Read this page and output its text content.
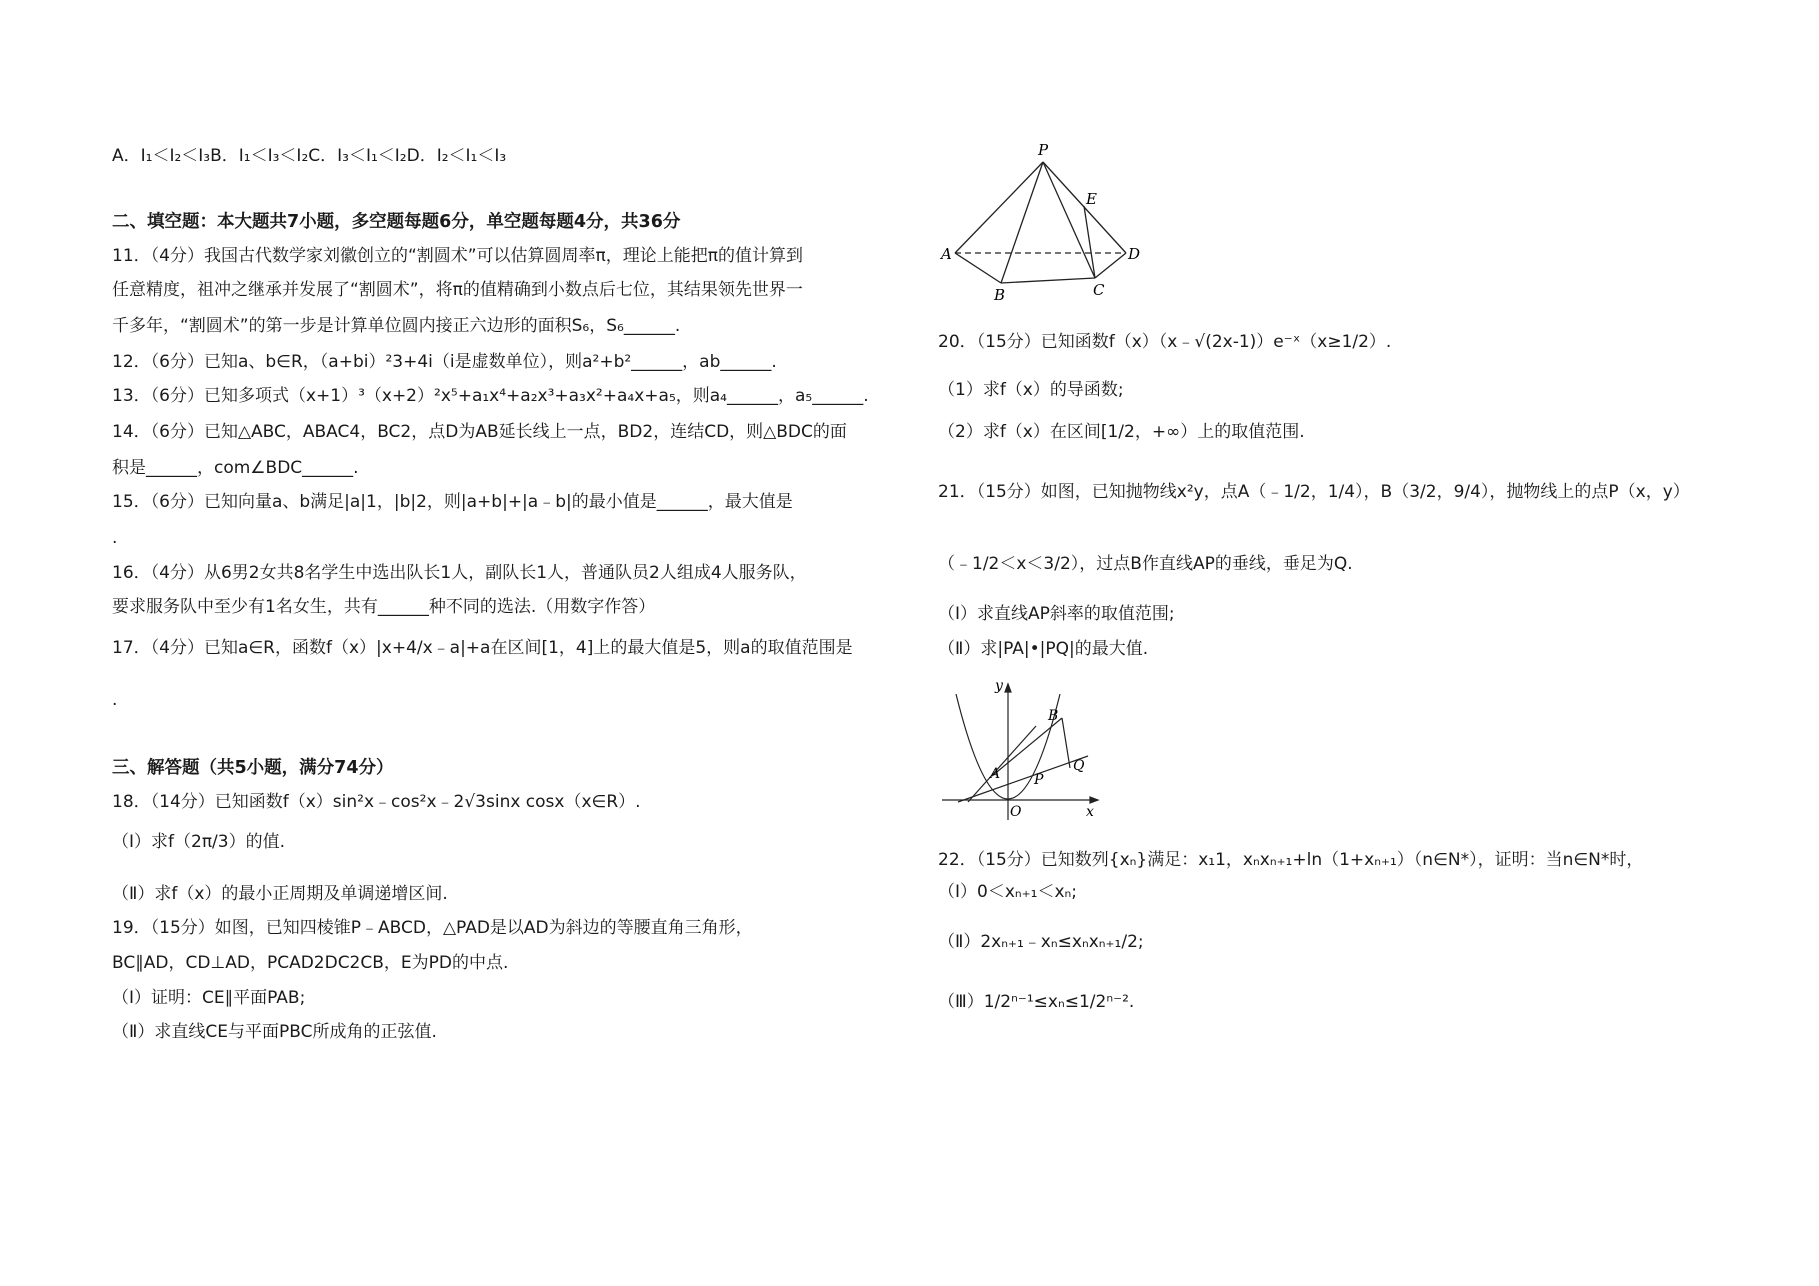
A．I₁＜I₂＜I₃B．I₁＜I₃＜I₂C．I₃＜I₁＜I₂D．I₂＜I₁＜I₃
二、填空题：本大题共7小题，多空题每题6分，单空题每题4分，共36分
11．（4分）我国古代数学家刘徽创立的“割圆术”可以估算圆周率π，理论上能把π的值计算到
任意精度，祖冲之继承并发展了“割圆术”，将π的值精确到小数点后七位，其结果领先世界一
千多年，“割圆术”的第一步是计算单位圆内接正六边形的面积S₆，S₆______.
12．（6分）已知a、b∈R，（a+bi）²3+4i（i是虚数单位），则a²+b²______，ab______.
13．（6分）已知多项式（x+1）³（x+2）²x⁵+a₁x⁴+a₂x³+a₃x²+a₄x+a₅，则a₄______，a₅______.
14．（6分）已知△ABC，ABAC4，BC2，点D为AB延长线上一点，BD2，连结CD，则△BDC的面
积是______，com∠BDC______.
15．（6分）已知向量a、b满足|a|1，|b|2，则|a+b|+|a﹣b|的最小值是______，最大值是
.
16．（4分）从6男2女共8名学生中选出队长1人，副队长1人，普通队员2人组成4人服务队，
要求服务队中至少有1名女生，共有______种不同的选法.（用数字作答）
17．（4分）已知a∈R，函数f（x）|x+4/x﹣a|+a在区间[1，4]上的最大值是5，则a的取值范围是
.
三、解答题（共5小题，满分74分）
18．（14分）已知函数f（x）sin²x﹣cos²x﹣2√3sinx cosx（x∈R）.
（Ⅰ）求f（2π/3）的值.
（Ⅱ）求f（x）的最小正周期及单调递增区间.
19．（15分）如图，已知四棱锥P﹣ABCD，△PAD是以AD为斜边的等腰直角三角形，
BC∥AD，CD⊥AD，PCAD2DC2CB，E为PD的中点.
（Ⅰ）证明：CE∥平面PAB;
（Ⅱ）求直线CE与平面PBC所成角的正弦值.
P
E
A	D
B	C
20．（15分）已知函数f（x）（x﹣√(2x-1)）e⁻ˣ（x≥1/2）.
（1）求f（x）的导函数;
（2）求f（x）在区间[1/2，+∞）上的取值范围.
21．（15分）如图，已知抛物线x²y，点A（﹣1/2，1/4），B（3/2，9/4），抛物线上的点P（x，y）
（﹣1/2＜x＜3/2），过点B作直线AP的垂线，垂足为Q.
（Ⅰ）求直线AP斜率的取值范围;
（Ⅱ）求|PA|•|PQ|的最大值.
y
B
A P
Q
O	x
22．（15分）已知数列{xₙ}满足：x₁1，xₙxₙ₊₁+ln（1+xₙ₊₁）（n∈N*），证明：当n∈N*时，
（Ⅰ）0＜xₙ₊₁＜xₙ;
（Ⅱ）2xₙ₊₁﹣xₙ≤xₙxₙ₊₁/2;
（Ⅲ）1/2ⁿ⁻¹≤xₙ≤1/2ⁿ⁻².
